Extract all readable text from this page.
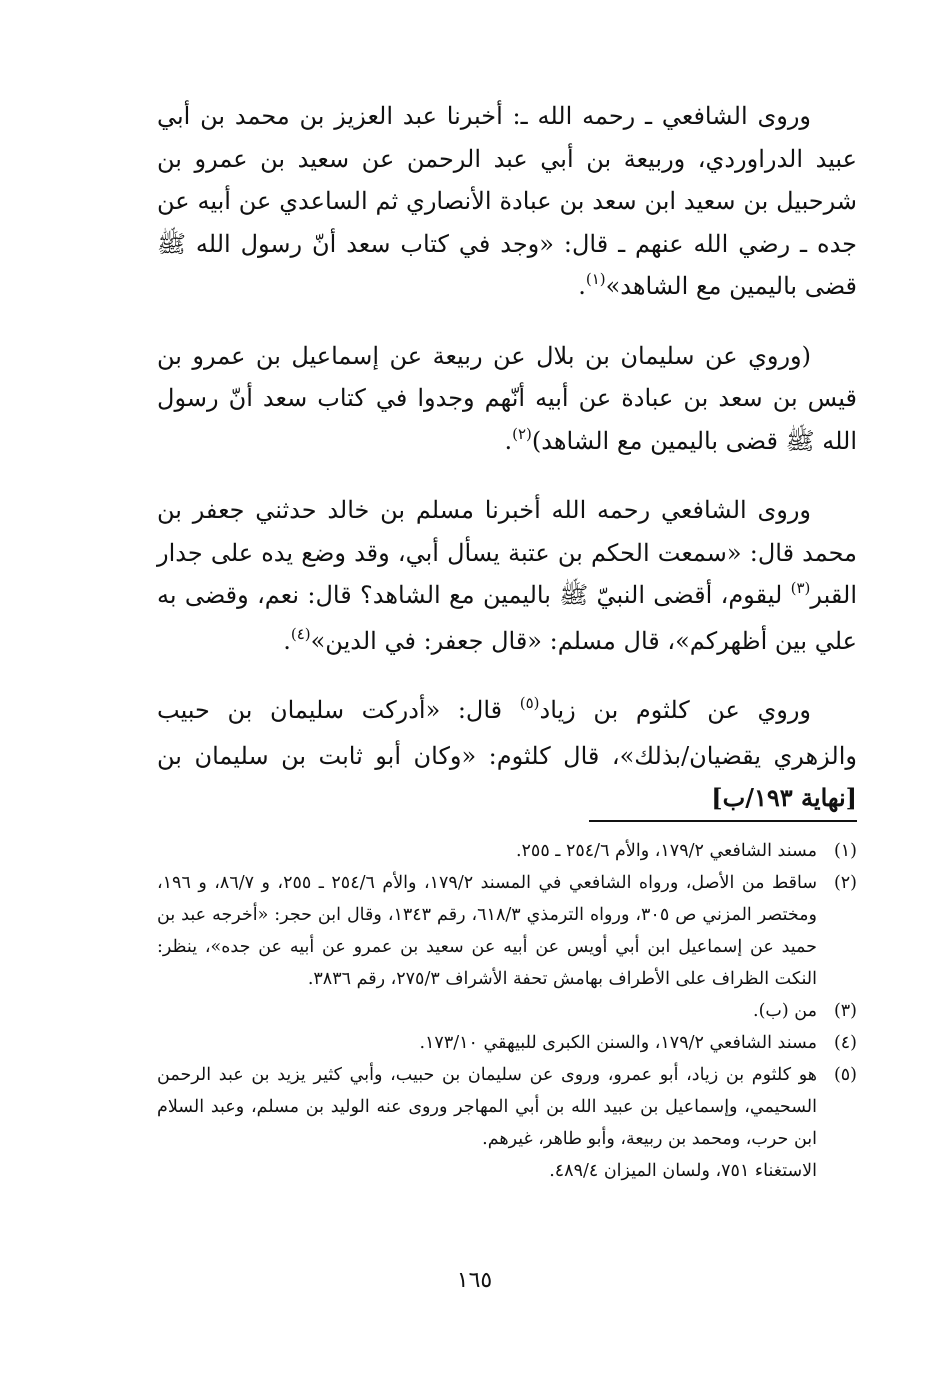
وروى الشافعي ـ رحمه الله ـ: أخبرنا عبد العزيز بن محمد بن أبي عبيد الدراوردي، وربيعة بن أبي عبد الرحمن عن سعيد بن عمرو بن شرحبيل بن سعيد ابن سعد بن عبادة الأنصاري ثم الساعدي عن أبيه عن جده ـ رضي الله عنهم ـ قال: «وجد في كتاب سعد أنّ رسول الله ﷺ قضى باليمين مع الشاهد»$^{(١)}$.

(وروي عن سليمان بن بلال عن ربيعة عن إسماعيل بن عمرو بن قيس بن سعد بن عبادة عن أبيه أنّهم وجدوا في كتاب سعد أنّ رسول الله ﷺ قضى باليمين مع الشاهد)$^{(٢)}$.

وروى الشافعي رحمه الله أخبرنا مسلم بن خالد حدثني جعفر بن محمد قال: «سمعت الحكم بن عتبة يسأل أبي، وقد وضع يده على جدار القبر$^{(٣)}$ ليقوم، أقضى النبيّ ﷺ باليمين مع الشاهد؟ قال: نعم، وقضى به علي بين أظهركم»، قال مسلم: «قال جعفر: في الدين»$^{(٤)}$.

وروي عن كلثوم بن زياد$^{(٥)}$ قال: «أدركت سليمان بن حبيب والزهري يقضيان/بذلك»، قال كلثوم: «وكان أبو ثابت بن سليمان بن [نهاية ١٩٣/ب]

(١)
مسند الشافعي ١٧٩/٢، والأم ٢٥٤/٦ ـ ٢٥٥.
(٢)
ساقط من الأصل، ورواه الشافعي في المسند ١٧٩/٢، والأم ٢٥٤/٦ ـ ٢٥٥، و ٨٦/٧، و ١٩٦، ومختصر المزني ص ٣٠٥، ورواه الترمذي ٦١٨/٣، رقم ١٣٤٣، وقال ابن حجر: «أخرجه عبد بن حميد عن إسماعيل ابن أبي أويس عن أبيه عن سعيد بن عمرو عن أبيه عن جده»، ينظر: النكت الظراف على الأطراف بهامش تحفة الأشراف ٢٧٥/٣، رقم ٣٨٣٦.
(٣)
من (ب).
(٤)
مسند الشافعي ١٧٩/٢، والسنن الكبرى للبيهقي ١٧٣/١٠.
(٥)
هو كلثوم بن زياد، أبو عمرو، وروى عن سليمان بن حبيب، وأبي كثير يزيد بن عبد الرحمن السحيمي، وإسماعيل بن عبيد الله بن أبي المهاجر وروى عنه الوليد بن مسلم، وعبد السلام ابن حرب، ومحمد بن ربيعة، وأبو طاهر، غيرهم.
الاستغناء ٧٥١، ولسان الميزان ٤٨٩/٤.
١٦٥
